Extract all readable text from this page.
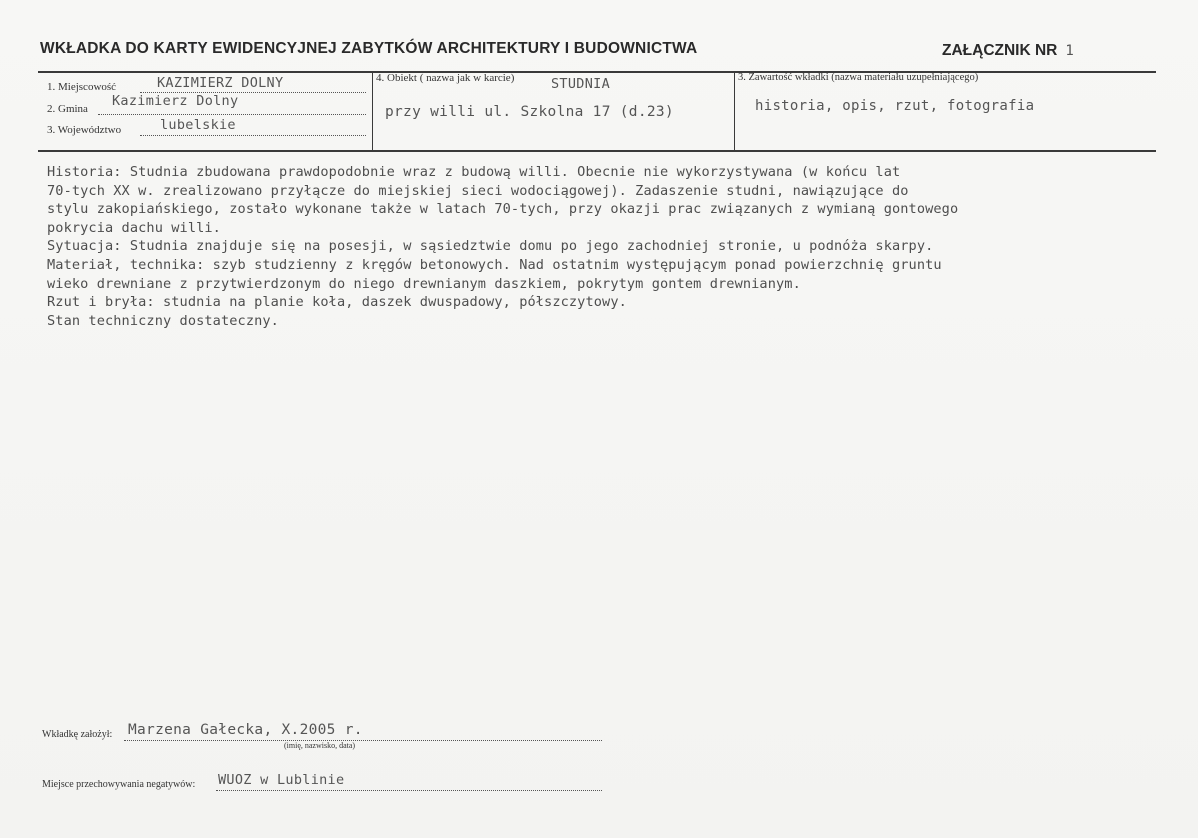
WKŁADKA DO KARTY EWIDENCYJNEJ ZABYTKÓW ARCHITEKTURY I BUDOWNICTWA	ZAŁĄCZNIK NR 1
1. Miejscowość	KAZIMIERZ DOLNY
2. Gmina Kazimierz Dolny
3. Województwo	lubelskie
4. Obiekt ( nazwa jak w karcie)	STUDNIA
przy willi ul. Szkolna 17 (d.23)
3. Zawartość wkładki (nazwa materiału uzupełniającego)
historia, opis, rzut, fotografia

Historia: Studnia zbudowana prawdopodobnie wraz z budową willi. Obecnie nie wykorzystywana (w końcu lat

70-tych XX w. zrealizowano przyłącze do miejskiej sieci wodociągowej). Zadaszenie studni, nawiązujące do

stylu zakopiańskiego, zostało wykonane także w latach 70-tych, przy okazji prac związanych z wymianą gontowego

pokrycia dachu willi.

Sytuacja: Studnia znajduje się na posesji, w sąsiedztwie domu po jego zachodniej stronie, u podnóża skarpy.

Materiał, technika: szyb studzienny z kręgów betonowych. Nad ostatnim występującym ponad powierzchnię gruntu

wieko drewniane z przytwierdzonym do niego drewnianym daszkiem, pokrytym gontem drewnianym.

Rzut i bryła: studnia na planie koła, daszek dwuspadowy, półszczytowy.

Stan techniczny dostateczny.

Wkładkę założył: Marzena Gałecka, X.2005 r.
(imię, nazwisko, data)
Miejsce przechowywania negatywów: WUOZ w Lublinie
